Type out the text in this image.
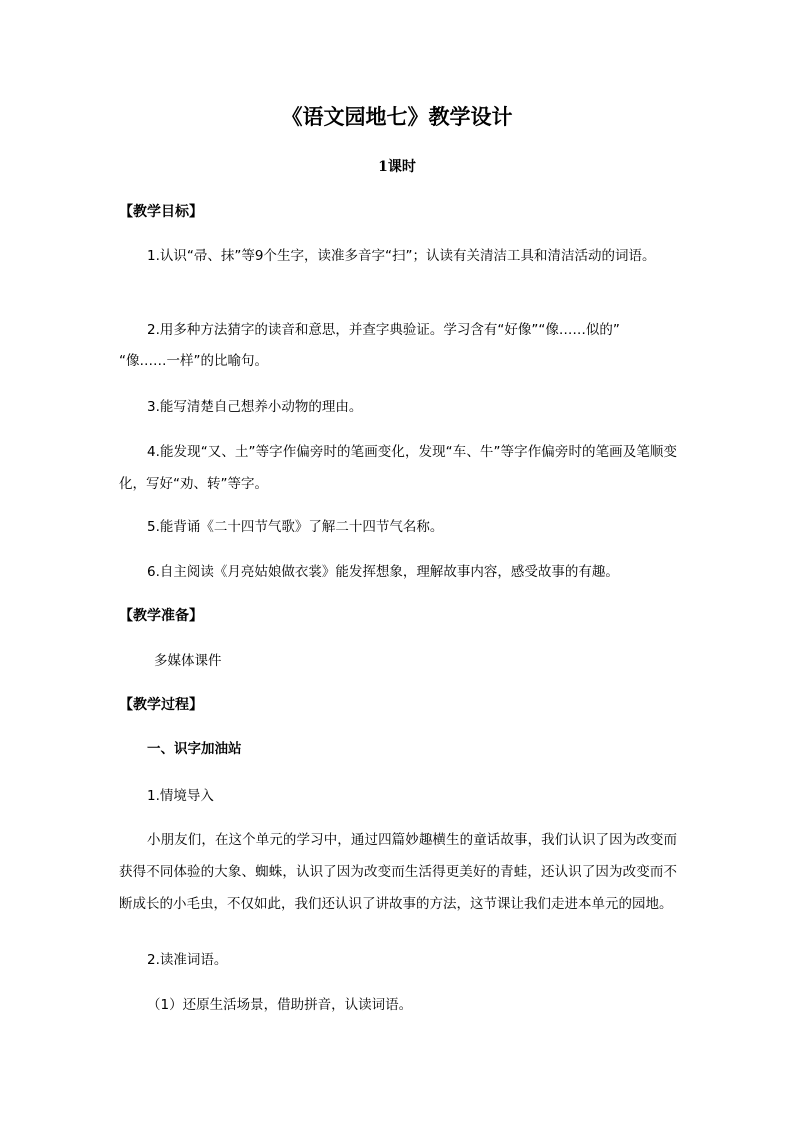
《语文园地七》教学设计
1课时
【教学目标】
1.认识“帚、抹”等9个生字，读准多音字“扫”；认读有关清洁工具和清洁活动的词语。
2.用多种方法猜字的读音和意思，并查字典验证。学习含有“好像”“像……似的”
“像……一样”的比喻句。
3.能写清楚自己想养小动物的理由。
4.能发现“又、土”等字作偏旁时的笔画变化，发现“车、牛”等字作偏旁时的笔画及笔顺变化，写好“劝、转”等字。
5.能背诵《二十四节气歌》了解二十四节气名称。
6.自主阅读《月亮姑娘做衣裳》能发挥想象，理解故事内容，感受故事的有趣。
【教学准备】
多媒体课件
【教学过程】
一、识字加油站
1.情境导入
小朋友们，在这个单元的学习中，通过四篇妙趣横生的童话故事，我们认识了因为改变而获得不同体验的大象、蜘蛛，认识了因为改变而生活得更美好的青蛙，还认识了因为改变而不断成长的小毛虫，不仅如此，我们还认识了讲故事的方法，这节课让我们走进本单元的园地。
2.读准词语。
（1）还原生活场景，借助拼音，认读词语。
